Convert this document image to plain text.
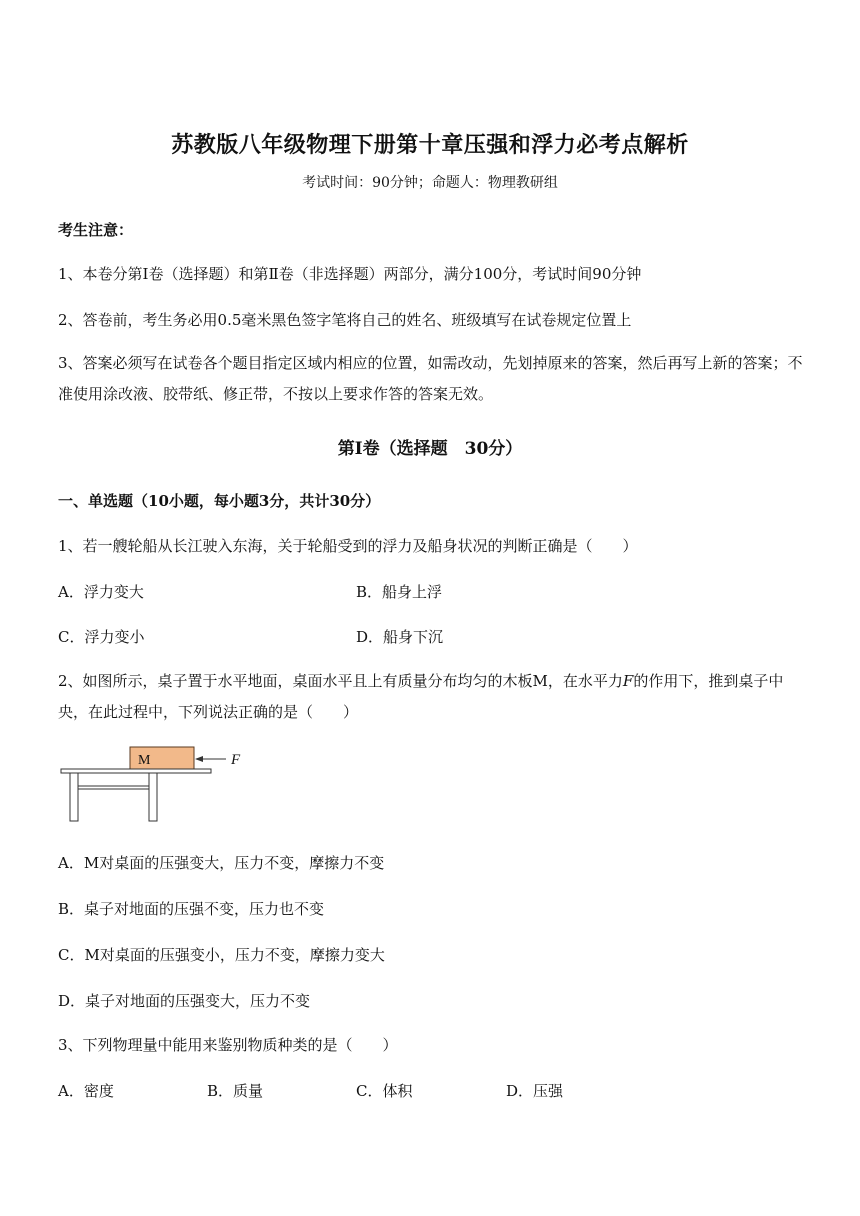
苏教版八年级物理下册第十章压强和浮力必考点解析
考试时间：90分钟；命题人：物理教研组
考生注意：
1、本卷分第Ⅰ卷（选择题）和第Ⅱ卷（非选择题）两部分，满分100分，考试时间90分钟
2、答卷前，考生务必用0.5毫米黑色签字笔将自己的姓名、班级填写在试卷规定位置上
3、答案必须写在试卷各个题目指定区域内相应的位置，如需改动，先划掉原来的答案，然后再写上新的答案；不准使用涂改液、胶带纸、修正带，不按以上要求作答的答案无效。
第Ⅰ卷（选择题　30分）
一、单选题（10小题，每小题3分，共计30分）
1、若一艘轮船从长江驶入东海，关于轮船受到的浮力及船身状况的判断正确是（　　）
A．浮力变大	B．船身上浮
C．浮力变小	D．船身下沉
2、如图所示，桌子置于水平地面，桌面水平且上有质量分布均匀的木板M，在水平力F的作用下，推到桌子中央，在此过程中，下列说法正确的是（　　）
M	F
A．M对桌面的压强变大，压力不变，摩擦力不变
B．桌子对地面的压强不变，压力也不变
C．M对桌面的压强变小，压力不变，摩擦力变大
D．桌子对地面的压强变大，压力不变
3、下列物理量中能用来鉴别物质种类的是（　　）
A．密度	B．质量	C．体积	D．压强
